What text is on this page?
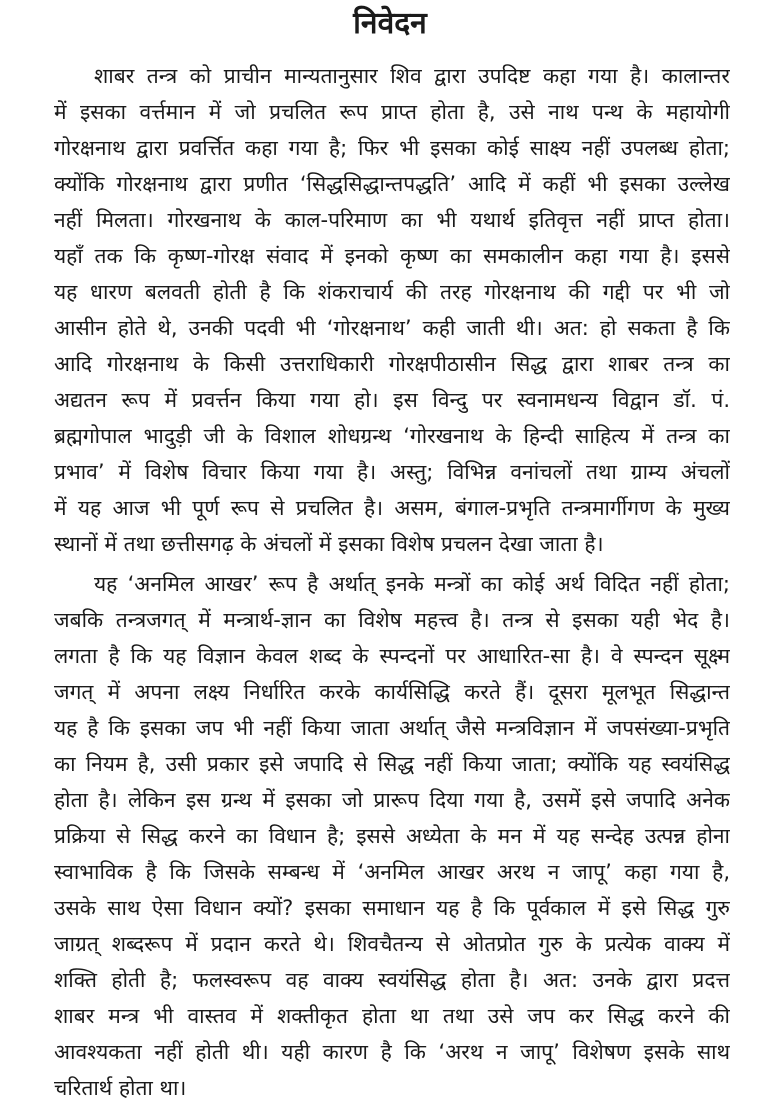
निवेदन
शाबर तन्त्र को प्राचीन मान्यतानुसार शिव द्वारा उपदिष्ट कहा गया है। कालान्तर
में इसका वर्त्तमान में जो प्रचलित रूप प्राप्त होता है, उसे नाथ पन्थ के महायोगी
गोरक्षनाथ द्वारा प्रवर्त्तित कहा गया है; फिर भी इसका कोई साक्ष्य नहीं उपलब्ध होता;
क्योंकि गोरक्षनाथ द्वारा प्रणीत ‘सिद्धसिद्धान्तपद्धति’ आदि में कहीं भी इसका उल्लेख
नहीं मिलता। गोरखनाथ के काल-परिमाण का भी यथार्थ इतिवृत्त नहीं प्राप्त होता।
यहाँ तक कि कृष्ण-गोरक्ष संवाद में इनको कृष्ण का समकालीन कहा गया है। इससे
यह धारण बलवती होती है कि शंकराचार्य की तरह गोरक्षनाथ की गद्दी पर भी जो
आसीन होते थे, उनकी पदवी भी ‘गोरक्षनाथ’ कही जाती थी। अत: हो सकता है कि
आदि गोरक्षनाथ के किसी उत्तराधिकारी गोरक्षपीठासीन सिद्ध द्वारा शाबर तन्त्र का
अद्यतन रूप में प्रवर्त्तन किया गया हो। इस विन्दु पर स्वनामधन्य विद्वान डॉ. पं.
ब्रह्मगोपाल भादुड़ी जी के विशाल शोधग्रन्थ ‘गोरखनाथ के हिन्दी साहित्य में तन्त्र का
प्रभाव’ में विशेष विचार किया गया है। अस्तु; विभिन्न वनांचलों तथा ग्राम्य अंचलों
में यह आज भी पूर्ण रूप से प्रचलित है। असम, बंगाल-प्रभृति तन्त्रमार्गीगण के मुख्य
स्थानों में तथा छत्तीसगढ़ के अंचलों में इसका विशेष प्रचलन देखा जाता है।
यह ‘अनमिल आखर’ रूप है अर्थात् इनके मन्त्रों का कोई अर्थ विदित नहीं होता;
जबकि तन्त्रजगत् में मन्त्रार्थ-ज्ञान का विशेष महत्त्व है। तन्त्र से इसका यही भेद है।
लगता है कि यह विज्ञान केवल शब्द के स्पन्दनों पर आधारित-सा है। वे स्पन्दन सूक्ष्म
जगत् में अपना लक्ष्य निर्धारित करके कार्यसिद्धि करते हैं। दूसरा मूलभूत सिद्धान्त
यह है कि इसका जप भी नहीं किया जाता अर्थात् जैसे मन्त्रविज्ञान में जपसंख्या-प्रभृति
का नियम है, उसी प्रकार इसे जपादि से सिद्ध नहीं किया जाता; क्योंकि यह स्वयंसिद्ध
होता है। लेकिन इस ग्रन्थ में इसका जो प्रारूप दिया गया है, उसमें इसे जपादि अनेक
प्रक्रिया से सिद्ध करने का विधान है; इससे अध्येता के मन में यह सन्देह उत्पन्न होना
स्वाभाविक है कि जिसके सम्बन्ध में ‘अनमिल आखर अरथ न जापू’ कहा गया है,
उसके साथ ऐसा विधान क्यों? इसका समाधान यह है कि पूर्वकाल में इसे सिद्ध गुरु
जाग्रत् शब्दरूप में प्रदान करते थे। शिवचैतन्य से ओतप्रोत गुरु के प्रत्येक वाक्य में
शक्ति होती है; फलस्वरूप वह वाक्य स्वयंसिद्ध होता है। अत: उनके द्वारा प्रदत्त
शाबर मन्त्र भी वास्तव में शक्तीकृत होता था तथा उसे जप कर सिद्ध करने की
आवश्यकता नहीं होती थी। यही कारण है कि ‘अरथ न जापू’ विशेषण इसके साथ
चरितार्थ होता था।
